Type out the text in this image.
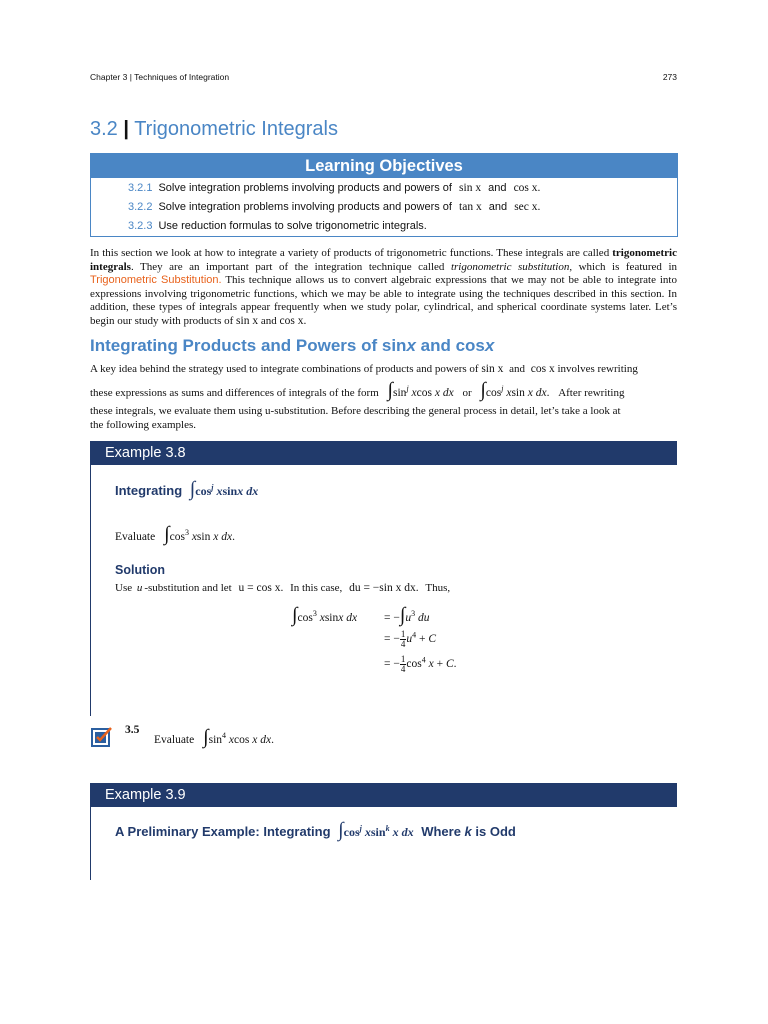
Chapter 3 | Techniques of Integration	273
3.2 | Trigonometric Integrals
Learning Objectives
3.2.1 Solve integration problems involving products and powers of sin x and cos x.
3.2.2 Solve integration problems involving products and powers of tan x and sec x.
3.2.3 Use reduction formulas to solve trigonometric integrals.
In this section we look at how to integrate a variety of products of trigonometric functions. These integrals are called trigonometric integrals. They are an important part of the integration technique called trigonometric substitution, which is featured in Trigonometric Substitution. This technique allows us to convert algebraic expressions that we may not be able to integrate into expressions involving trigonometric functions, which we may be able to integrate using the techniques described in this section. In addition, these types of integrals appear frequently when we study polar, cylindrical, and spherical coordinate systems later. Let’s begin our study with products of sin x and cos x.
Integrating Products and Powers of sinx and cosx
A key idea behind the strategy used to integrate combinations of products and powers of sin x and cos x involves rewriting
these expressions as sums and differences of integrals of the form $\int\sin^j$ xcos x dx or $\int\cos^j$ xsin x dx. After rewriting
these integrals, we evaluate them using u-substitution. Before describing the general process in detail, let’s take a look at
the following examples.
Example 3.8
Integrating $\int\cos^j$ xsinx dx
Evaluate $\int\cos^3$ xsin x dx.
Solution
Use u -substitution and let u = cos x. In this case, du = −sin x dx. Thus,
$\int\cos^3$ xsinx dx = $-\int u^3$ du
= − $\frac{1}{4} u^4 + C$
= − $\frac{1}{4} \cos^4 x + C$.
3.5
Evaluate $\int\sin^4$ xcos x dx.
Example 3.9
A Preliminary Example: Integrating $\int\cos^j$ xsin$^k$ x dx Where k is Odd
